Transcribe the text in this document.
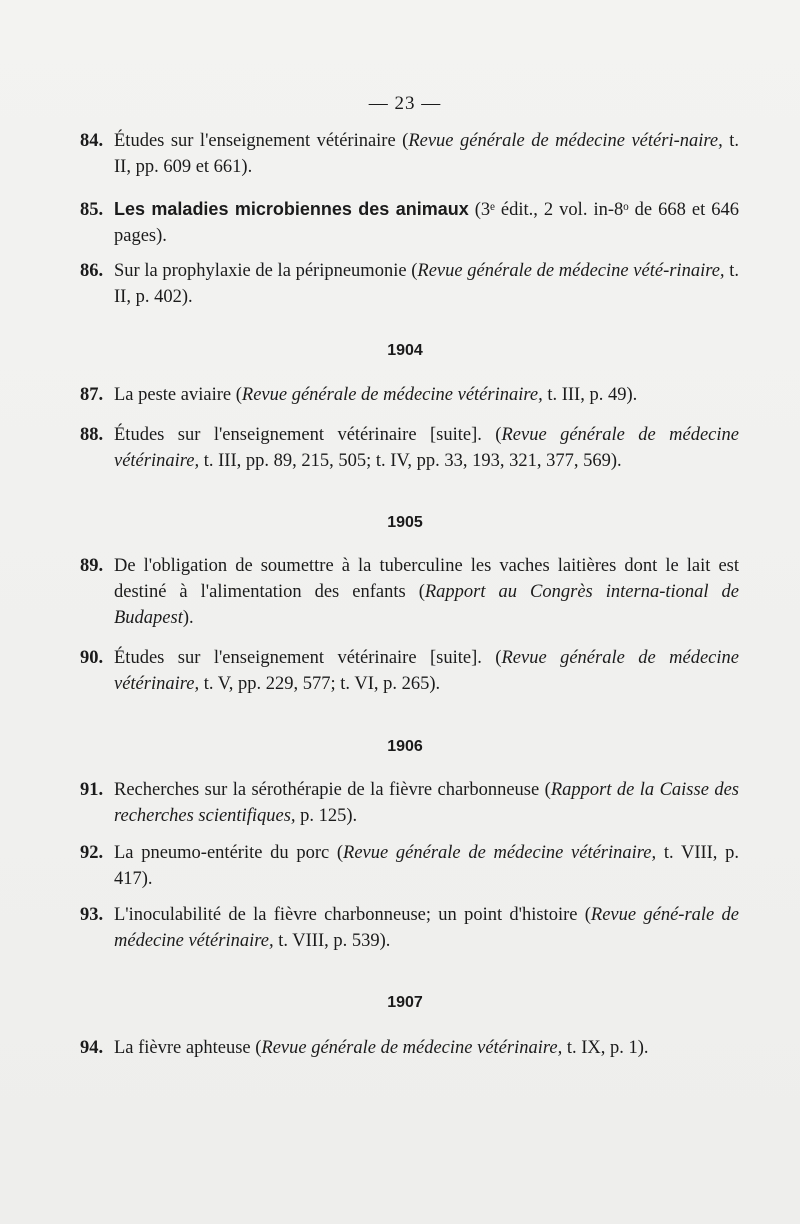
— 23 —
84. Études sur l'enseignement vétérinaire (Revue générale de médecine vétéri-naire, t. II, pp. 609 et 661).
85. Les maladies microbiennes des animaux (3ᵉ édit., 2 vol. in-8ᵒ de 668 et 646 pages).
86. Sur la prophylaxie de la péripneumonie (Revue générale de médecine vété-rinaire, t. II, p. 402).
1904
87. La peste aviaire (Revue générale de médecine vétérinaire, t. III, p. 49).
88. Études sur l'enseignement vétérinaire [suite]. (Revue générale de médecine vétérinaire, t. III, pp. 89, 215, 505; t. IV, pp. 33, 193, 321, 377, 569).
1905
89. De l'obligation de soumettre à la tuberculine les vaches laitières dont le lait est destiné à l'alimentation des enfants (Rapport au Congrès interna-tional de Budapest).
90. Études sur l'enseignement vétérinaire [suite]. (Revue générale de médecine vétérinaire, t. V, pp. 229, 577; t. VI, p. 265).
1906
91. Recherches sur la sérothérapie de la fièvre charbonneuse (Rapport de la Caisse des recherches scientifiques, p. 125).
92. La pneumo-entérite du porc (Revue générale de médecine vétérinaire, t. VIII, p. 417).
93. L'inoculabilité de la fièvre charbonneuse; un point d'histoire (Revue géné-rale de médecine vétérinaire, t. VIII, p. 539).
1907
94. La fièvre aphteuse (Revue générale de médecine vétérinaire, t. IX, p. 1).
